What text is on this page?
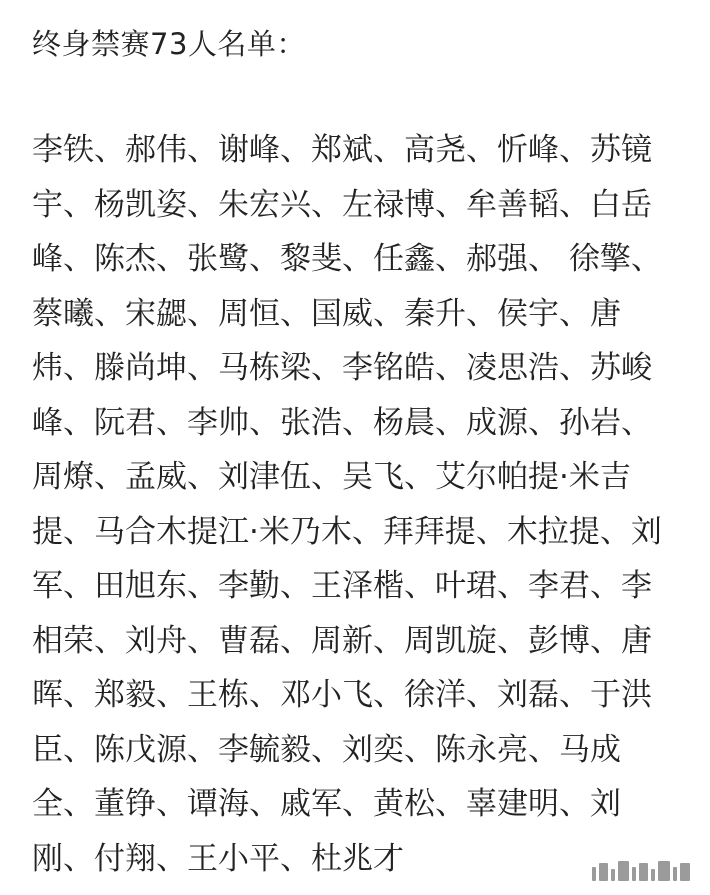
终身禁赛73人名单：
李铁、郝伟、谢峰、郑斌、高尧、忻峰、苏镜
宇、杨凯姿、朱宏兴、左禄博、牟善韬、白岳
峰、陈杰、张鹭、黎斐、任鑫、郝强、 徐擎、
蔡曦、宋勰、周恒、国威、秦升、侯宇、唐
炜、滕尚坤、马栋梁、李铭皓、凌思浩、苏峻
峰、阮君、李帅、张浩、杨晨、成源、孙岩、
周燎、孟威、刘津伍、吴飞、艾尔帕提·米吉
提、马合木提江·米乃木、拜拜提、木拉提、刘
军、田旭东、李勤、王泽楷、叶珺、李君、李
相荣、刘舟、曹磊、周新、周凯旋、彭博、唐
晖、郑毅、王栋、邓小飞、徐洋、刘磊、于洪
臣、陈戊源、李毓毅、刘奕、陈永亮、马成
全、董铮、谭海、戚军、黄松、辜建明、刘
刚、付翔、王小平、杜兆才
